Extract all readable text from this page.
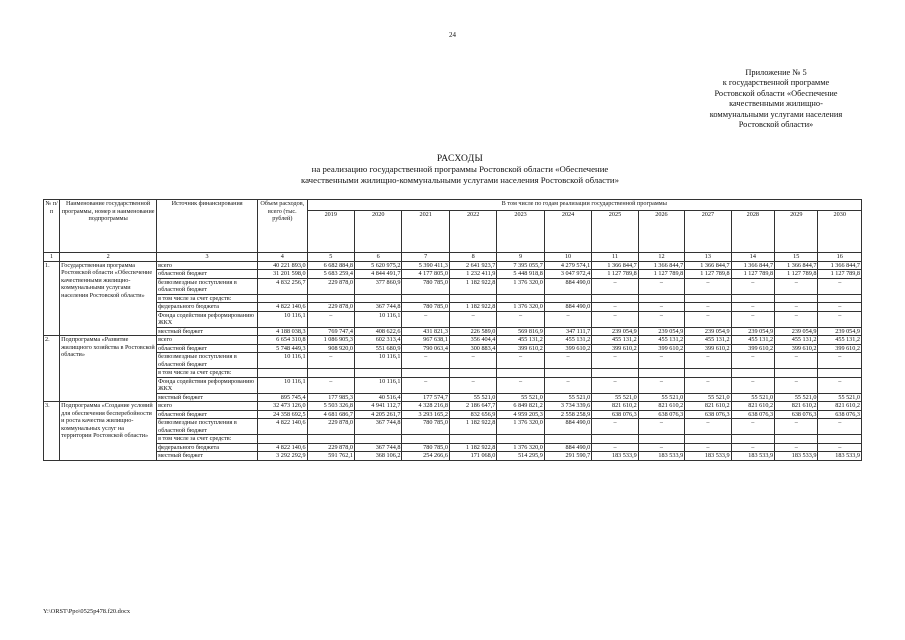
24
Приложение № 5
к государственной программе
Ростовской области «Обеспечение
качественными жилищно-
коммунальными услугами населения
Ростовской области»
РАСХОДЫ
на реализацию государственной программы Ростовской области «Обеспечение
качественными жилищно-коммунальными услугами населения Ростовской области»
№ п/п	Наименование государственной программы, номер и наименование подпрограммы	Источник финансирования	Объем расходов, всего (тыс. рублей)	В том числе по годам реализации государственной программы											
				2019	2020	2021	2022	2023	2024	2025	2026	2027	2028	2029	2030
1	2	3	4	5	6	7	8	9	10	11	12	13	14	15	16
1.	Государственная программа Ростовской области «Обеспечение качественными жилищно-коммунальными услугами населения Ростовской области»	всего	40 221 893,0	6 682 884,8	5 620 975,2	5 390 411,3	2 641 923,7	7 395 055,7	4 279 574,1	1 366 844,7	1 366 844,7	1 366 844,7	1 366 844,7	1 366 844,7	1 366 844,7
		областной бюджет	31 201 598,0	5 683 259,4	4 844 491,7	4 177 805,0	1 232 411,9	5 448 918,8	3 047 972,4	1 127 789,8	1 127 789,8	1 127 789,8	1 127 789,8	1 127 789,8	1 127 789,8
		безвозмездные поступления в областной бюджет	4 832 256,7	229 878,0	377 860,9	780 785,0	1 182 922,8	1 376 320,0	884 490,0	–	–	–	–	–	–
		в том числе за счет средств:													
		федерального бюджета	4 822 140,6	229 878,0	367 744,8	780 785,0	1 182 922,8	1 376 320,0	884 490,0	–	–	–	–	–	–
		Фонда содействия реформированию ЖКХ	10 116,1	–	10 116,1	–	–	–	–	–	–	–	–	–	–
		местный бюджет	4 188 038,3	769 747,4	408 622,6	431 821,3	226 589,0	569 816,9	347 111,7	239 054,9	239 054,9	239 054,9	239 054,9	239 054,9	239 054,9
2.	Подпрограмма «Развитие жилищного хозяйства в Ростовской области»	всего	6 654 310,8	1 086 905,3	602 313,4	967 638,1	356 404,4	455 131,2	455 131,2	455 131,2	455 131,2	455 131,2	455 131,2	455 131,2	455 131,2
		областной бюджет	5 748 449,3	908 920,0	551 680,9	790 063,4	300 883,4	399 610,2	399 610,2	399 610,2	399 610,2	399 610,2	399 610,2	399 610,2	399 610,2
		безвозмездные поступления в областной бюджет	10 116,1	–	10 116,1	–	–	–	–	–	–	–	–	–	–
		в том числе за счет средств:													
		Фонда содействия реформированию ЖКХ	10 116,1	–	10 116,1	–	–	–	–	–	–	–	–	–	–
		местный бюджет	895 745,4	177 985,3	40 516,4	177 574,7	55 521,0	55 521,0	55 521,0	55 521,0	55 521,0	55 521,0	55 521,0	55 521,0	55 521,0
3.	Подпрограмма «Создание условий для обеспечения бесперебойности и роста качества жилищно-коммунальных услуг на территории Ростовской области»	всего	32 473 126,0	5 503 326,8	4 941 112,7	4 328 216,8	2 186 647,7	6 849 821,2	3 734 339,6	821 610,2	821 610,2	821 610,2	821 610,2	821 610,2	821 610,2
		областной бюджет	24 358 692,5	4 681 686,7	4 205 261,7	3 293 165,2	832 656,9	4 959 205,3	2 558 258,9	638 076,3	638 076,3	638 076,3	638 076,3	638 076,3	638 076,3
		безвозмездные поступления в областной бюджет	4 822 140,6	229 878,0	367 744,8	780 785,0	1 182 922,8	1 376 320,0	884 490,0	–	–	–	–	–	–
		в том числе за счет средств:													
		федерального бюджета	4 822 140,6	229 878,0	367 744,8	780 785,0	1 182 922,8	1 376 320,0	884 490,0	–	–	–	–	–	–
		местный бюджет	3 292 292,9	591 762,1	368 106,2	254 266,6	171 068,0	514 295,9	291 590,7	183 533,9	183 533,9	183 533,9	183 533,9	183 533,9	183 533,9
Y:\ORST\Ppo\0525p478.f20.docx
